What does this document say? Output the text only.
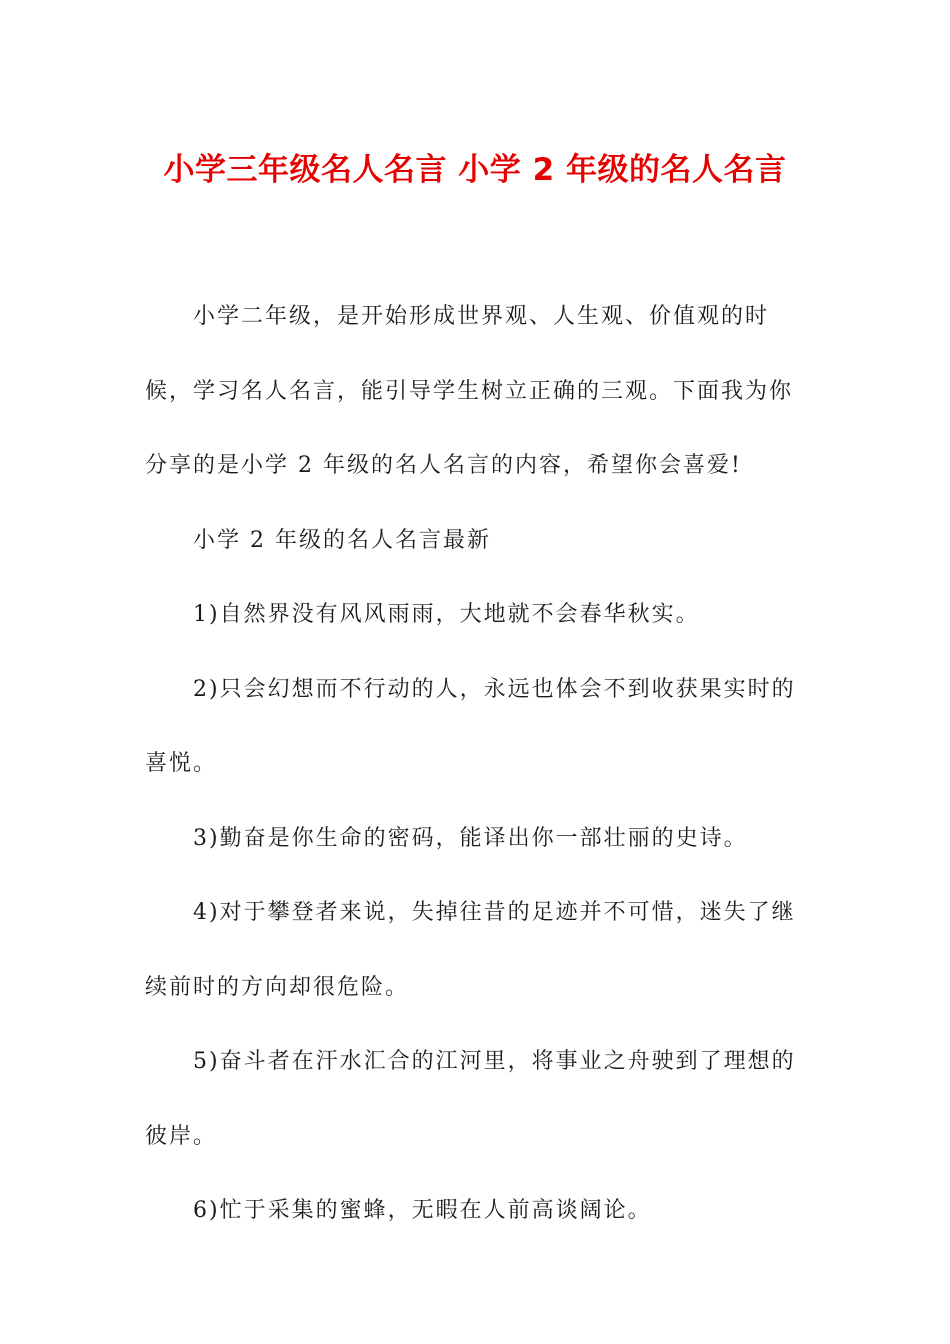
小学三年级名人名言 小学 2 年级的名人名言

小学二年级，是开始形成世界观、人生观、价值观的时候，学习名人名言，能引导学生树立正确的三观。下面我为你分享的是小学 2 年级的名人名言的内容，希望你会喜爱!

小学 2 年级的名人名言最新

1)自然界没有风风雨雨，大地就不会春华秋实。

2)只会幻想而不行动的人，永远也体会不到收获果实时的喜悦。

3)勤奋是你生命的密码，能译出你一部壮丽的史诗。

4)对于攀登者来说，失掉往昔的足迹并不可惜，迷失了继续前时的方向却很危险。

5)奋斗者在汗水汇合的江河里，将事业之舟驶到了理想的彼岸。

6)忙于采集的蜜蜂，无暇在人前高谈阔论。
